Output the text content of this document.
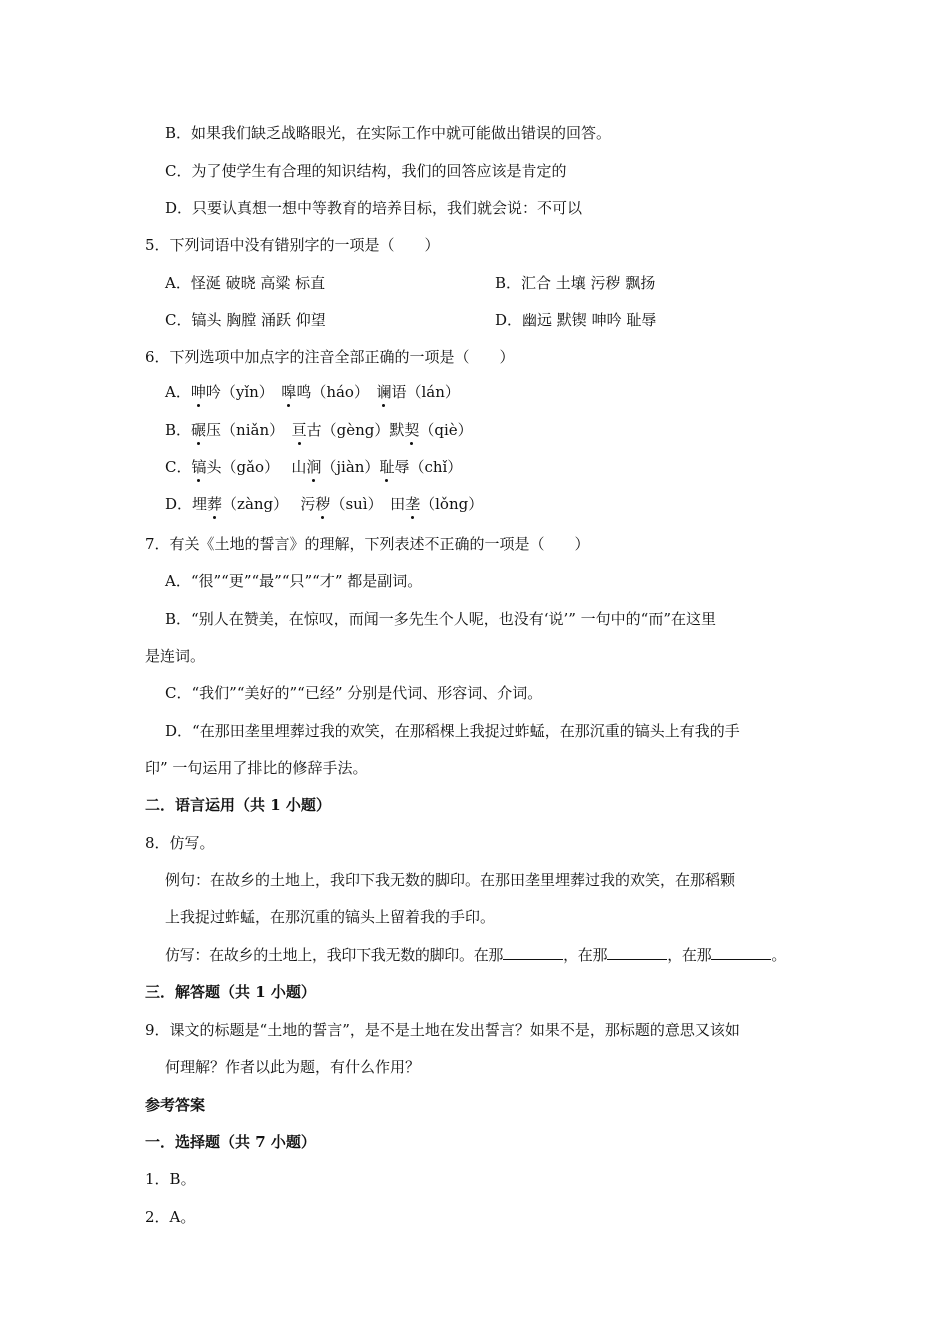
B．如果我们缺乏战略眼光，在实际工作中就可能做出错误的回答。
C．为了使学生有合理的知识结构，我们的回答应该是肯定的
D．只要认真想一想中等教育的培养目标，我们就会说：不可以
5．下列词语中没有错别字的一项是（　　）
A．怪涎 破晓 高粱 标直	B．汇合 土壤 污秽 飘扬
C．镐头 胸膛 涌跃 仰望	D．幽远 默锲 呻吟 耻辱
6．下列选项中加点字的注音全部正确的一项是（　　）
A．呻吟（yǐn）　嗥鸣（háo）　谰语（lán）
B．碾压（niǎn）　亘古（gèng）默契（qiè）
C．镐头（gǎo）　 山涧（jiàn）耻辱（chǐ）
D．埋葬（zàng）　 污秽（suì）　田垄（lǒng）
7．有关《土地的誓言》的理解，下列表述不正确的一项是（　　）
A．“很”“更”“最”“只”“才” 都是副词。
B．“别人在赞美，在惊叹，而闻一多先生个人呢，也没有‘说’” 一句中的“而”在这里
是连词。
C．“我们”“美好的”“已经” 分别是代词、形容词、介词。
D．“在那田垄里埋葬过我的欢笑，在那稻棵上我捉过蚱蜢，在那沉重的镐头上有我的手
印” 一句运用了排比的修辞手法。
二．语言运用（共 1 小题）
8．仿写。
例句：在故乡的土地上，我印下我无数的脚印。在那田垄里埋葬过我的欢笑，在那稻颗
上我捉过蚱蜢，在那沉重的镐头上留着我的手印。
仿写：在故乡的土地上，我印下我无数的脚印。在那	，在那	，在那	。
三．解答题（共 1 小题）
9．课文的标题是“土地的誓言”，是不是土地在发出誓言？如果不是，那标题的意思又该如
何理解？作者以此为题，有什么作用？
参考答案
一．选择题（共 7 小题）
1．B。
2．A。
